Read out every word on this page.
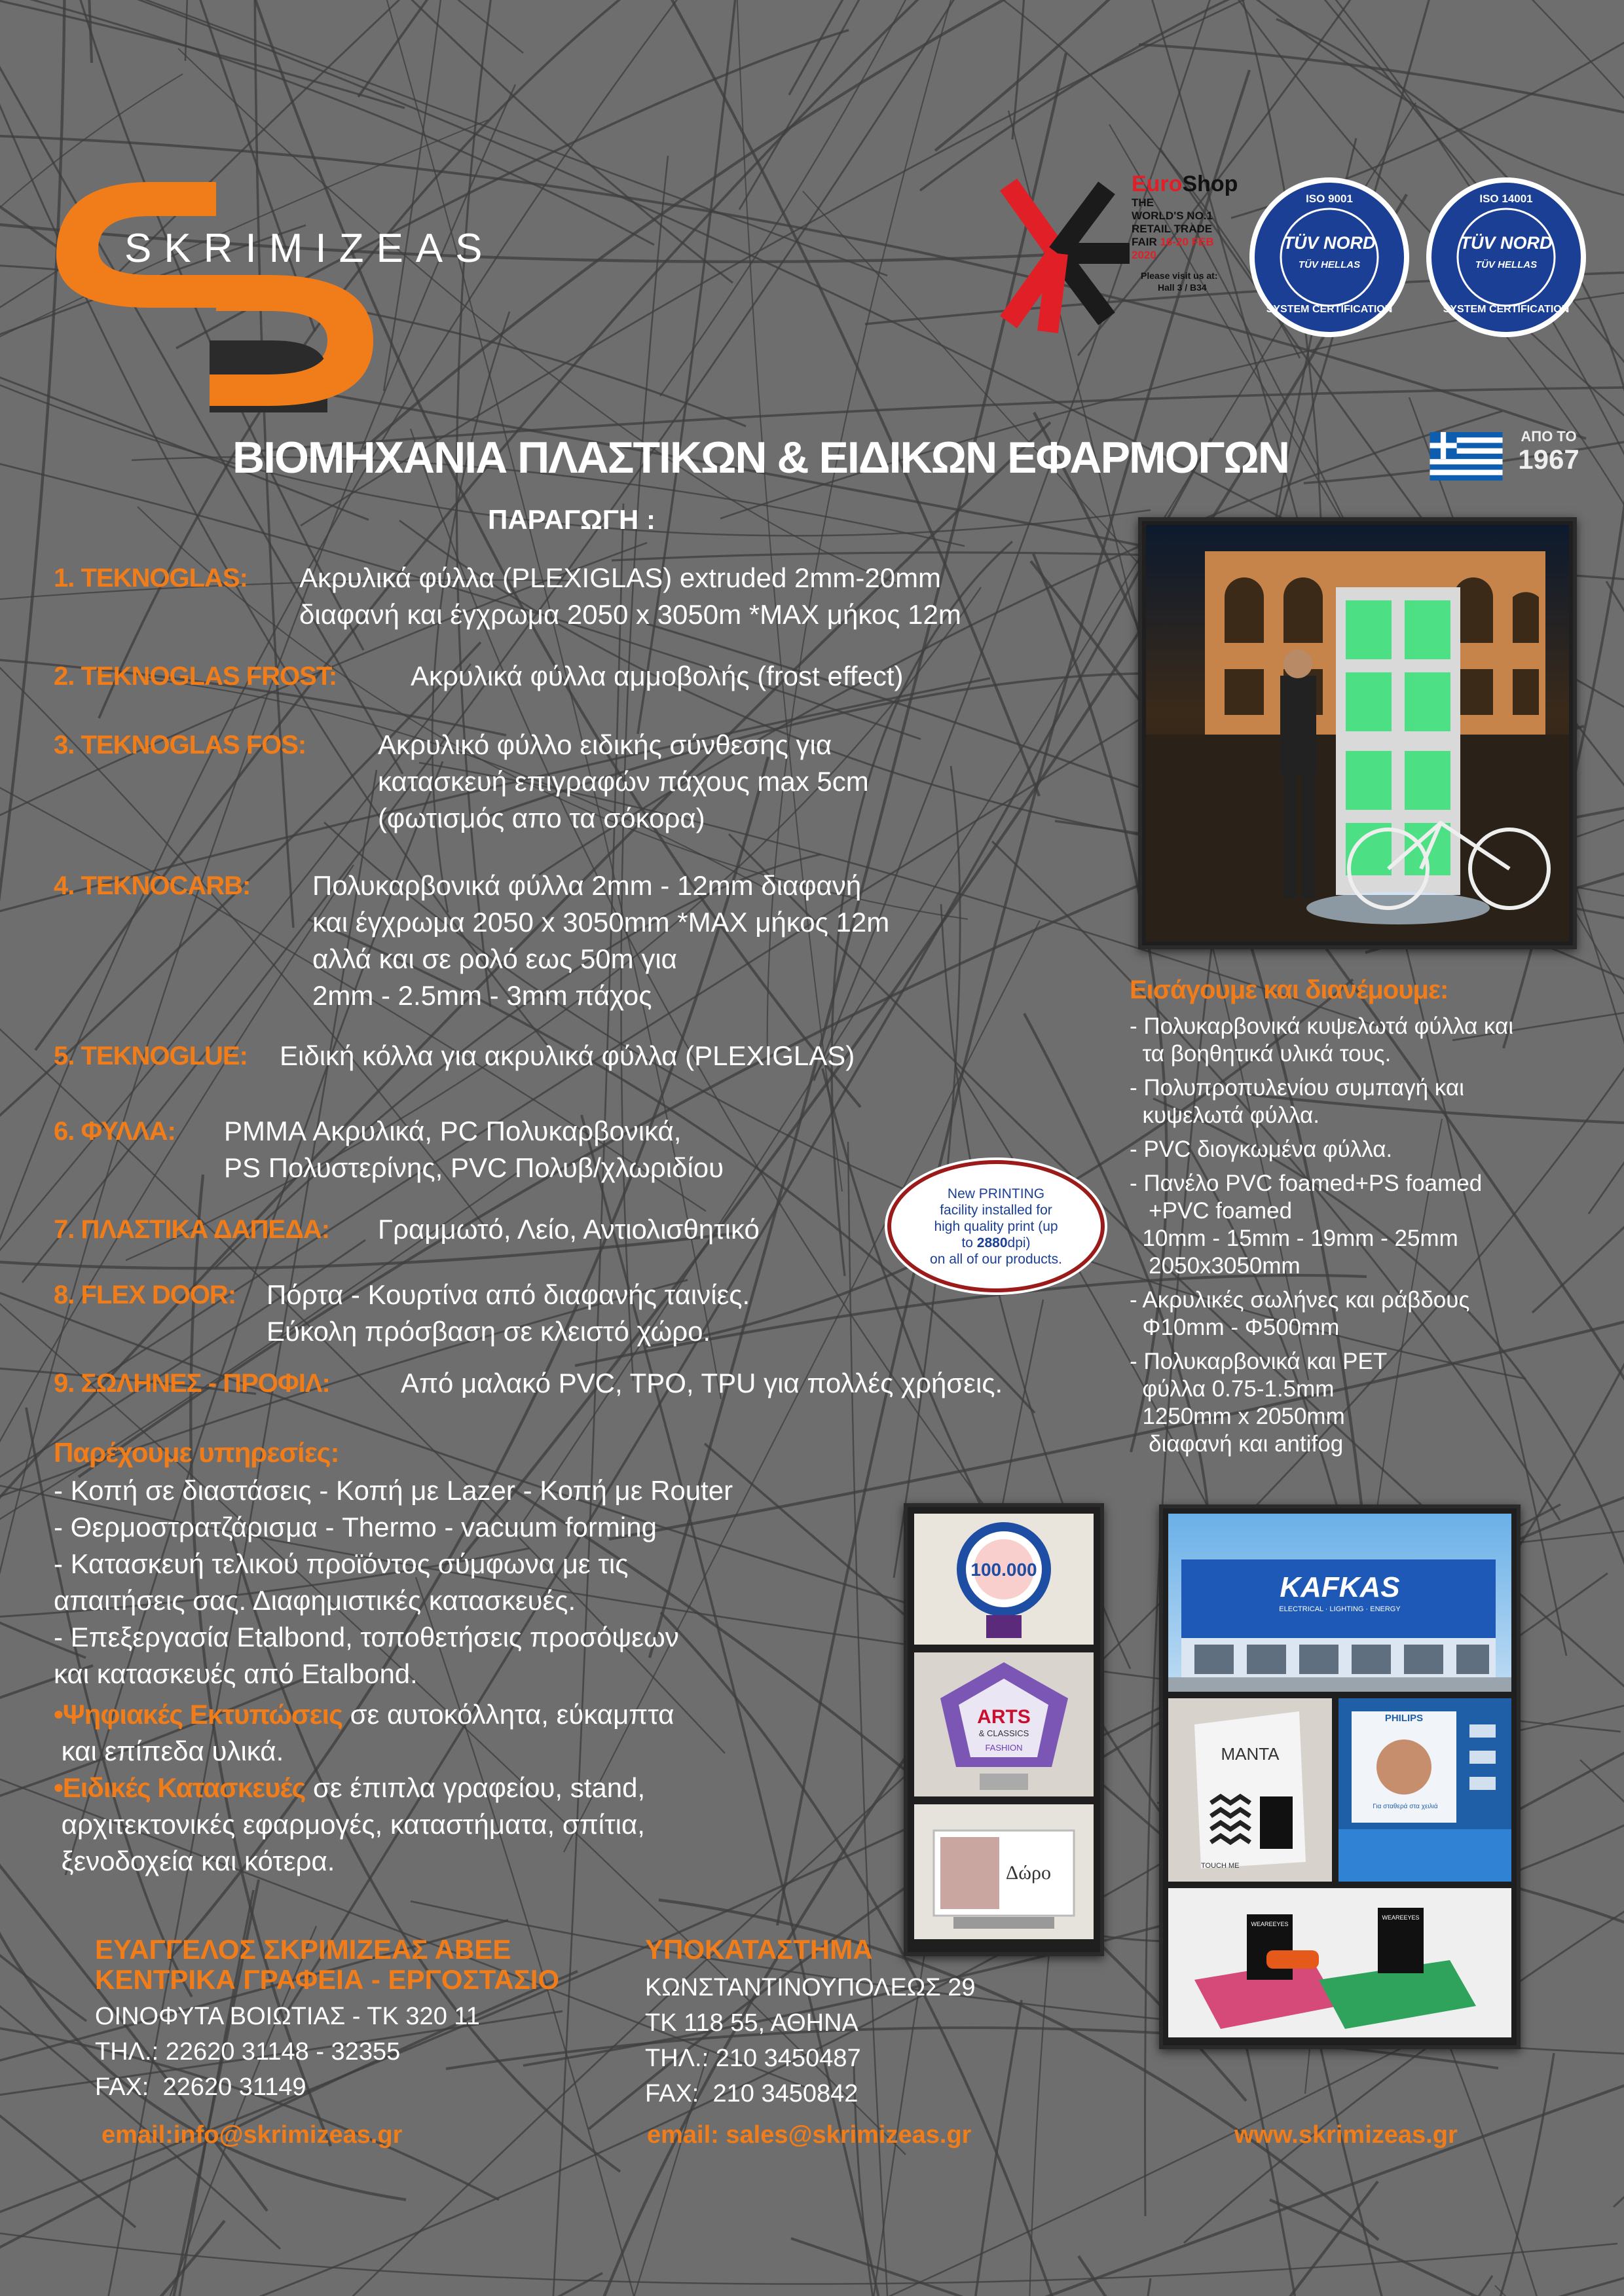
SKRIMIZEAS
EuroShop
THE
WORLD'S NO.1
RETAIL TRADE
FAIR 16-20 FEB
2020
Please visit us at:
Hall 3 / B34
ISO 9001
TÜV NORD
TÜV HELLAS
SYSTEM CERTIFICATION
ISO 14001
TÜV NORD
TÜV HELLAS
SYSTEM CERTIFICATION
ΒΙΟΜΗΧΑΝΙΑ ΠΛΑΣΤΙΚΩΝ & ΕΙΔΙΚΩΝ ΕΦΑΡΜΟΓΩΝ	ΑΠΟ ΤΟ
1967
ΠΑΡΑΓΩΓΗ :
1. TEKNOGLAS: Ακρυλικά φύλλα (PLEXIGLAS) extruded 2mm-20mm
διαφανή και έγχρωμα 2050 x 3050m *MAX μήκος 12m
2. TEKNOGLAS FROST:	Ακρυλικά φύλλα αμμοβολής (frost effect)
3. TEKNOGLAS FOS:	Ακρυλικό φύλλο ειδικής σύνθεσης για
κατασκευή επιγραφών πάχους max 5cm
(φωτισμός απο τα σόκορα)
4. TEKNOCARB: Πολυκαρβονικά φύλλα 2mm - 12mm διαφανή
και έγχρωμα 2050 x 3050mm *MAX μήκος 12m
αλλά και σε ρολό εως 50m για
2mm - 2.5mm - 3mm πάχος
5. TEKNOGLUE: Ειδική κόλλα για ακρυλικά φύλλα (PLEXIGLAS)
6. ΦΥΛΛΑ: PMMA Ακρυλικά, PC Πολυκαρβονικά,
PS Πολυστερίνης, PVC Πολυβ/χλωριδίου
7. ΠΛΑΣΤΙΚΑ ΔΑΠΕΔΑ: Γραμμωτό, Λείο, Αντιολισθητικό
8. FLEX DOOR: Πόρτα - Κουρτίνα από διαφανής ταινίες.
Εύκολη πρόσβαση σε κλειστό χώρο.
9. ΣΩΛΗΝΕΣ - ΠΡΟΦΙΛ:	Από μαλακό PVC, TPO, TPU για πολλές χρήσεις.
New PRINTING
facility installed for
high quality print (up
to 2880dpi)
on all of our products.
Παρέχουμε υπηρεσίες:
- Κοπή σε διαστάσεις - Κοπή με Lazer - Κοπή με Router
- Θερμοστρατζάρισμα - Thermo - vacuum forming
- Κατασκευή τελικού προϊόντος σύμφωνα με τις
απαιτήσεις σας. Διαφημιστικές κατασκευές.
- Επεξεργασία Etalbond, τοποθετήσεις προσόψεων
και κατασκευές από Etalbond.
•Ψηφιακές Εκτυπώσεις σε αυτοκόλλητα, εύκαμπτα
και επίπεδα υλικά.
•Ειδικές Κατασκευές σε έπιπλα γραφείου, stand,
αρχιτεκτονικές εφαρμογές, καταστήματα, σπίτια,
ξενοδοχεία και κότερα.
Εισάγουμε και διανέμουμε:
- Πολυκαρβονικά κυψελωτά φύλλα και
τα βοηθητικά υλικά τους.
- Πολυπροπυλενίου συμπαγή και
κυψελωτά φύλλα.
- PVC διογκωμένα φύλλα.
- Πανέλο PVC foamed+PS foamed
+PVC foamed
10mm - 15mm - 19mm - 25mm
2050x3050mm
- Ακρυλικές σωλήνες και ράβδους
Φ10mm - Φ500mm
- Πολυκαρβονικά και PET
φύλλα 0.75-1.5mm
1250mm x 2050mm
διαφανή και antifog
100.000
ARTS
& CLASSICS
FASHION
Δώρο
KAFKAS
ELECTRICAL · LIGHTING · ENERGY
MANTA
TOUCH ME
PHILIPS
Για σταθερά στα χειλιά
WEAREEYES
WEAREEYES
ΕΥΑΓΓΕΛΟΣ ΣΚΡΙΜΙΖΕΑΣ ΑΒΕΕ
ΚΕΝΤΡΙΚΑ ΓΡΑΦΕΙΑ - ΕΡΓΟΣΤΑΣΙΟ
ΟΙΝΟΦΥΤΑ ΒΟΙΩΤΙΑΣ - ΤΚ 320 11
ΤΗΛ.: 22620 31148 - 32355
FAX:  22620 31149
ΥΠΟΚΑΤΑΣΤΗΜΑ
ΚΩΝΣΤΑΝΤΙΝΟΥΠΟΛΕΩΣ 29
ΤΚ 118 55, ΑΘΗΝΑ
ΤΗΛ.: 210 3450487
FAX:  210 3450842
email:info@skrimizeas.gr	email: sales@skrimizeas.gr	www.skrimizeas.gr
